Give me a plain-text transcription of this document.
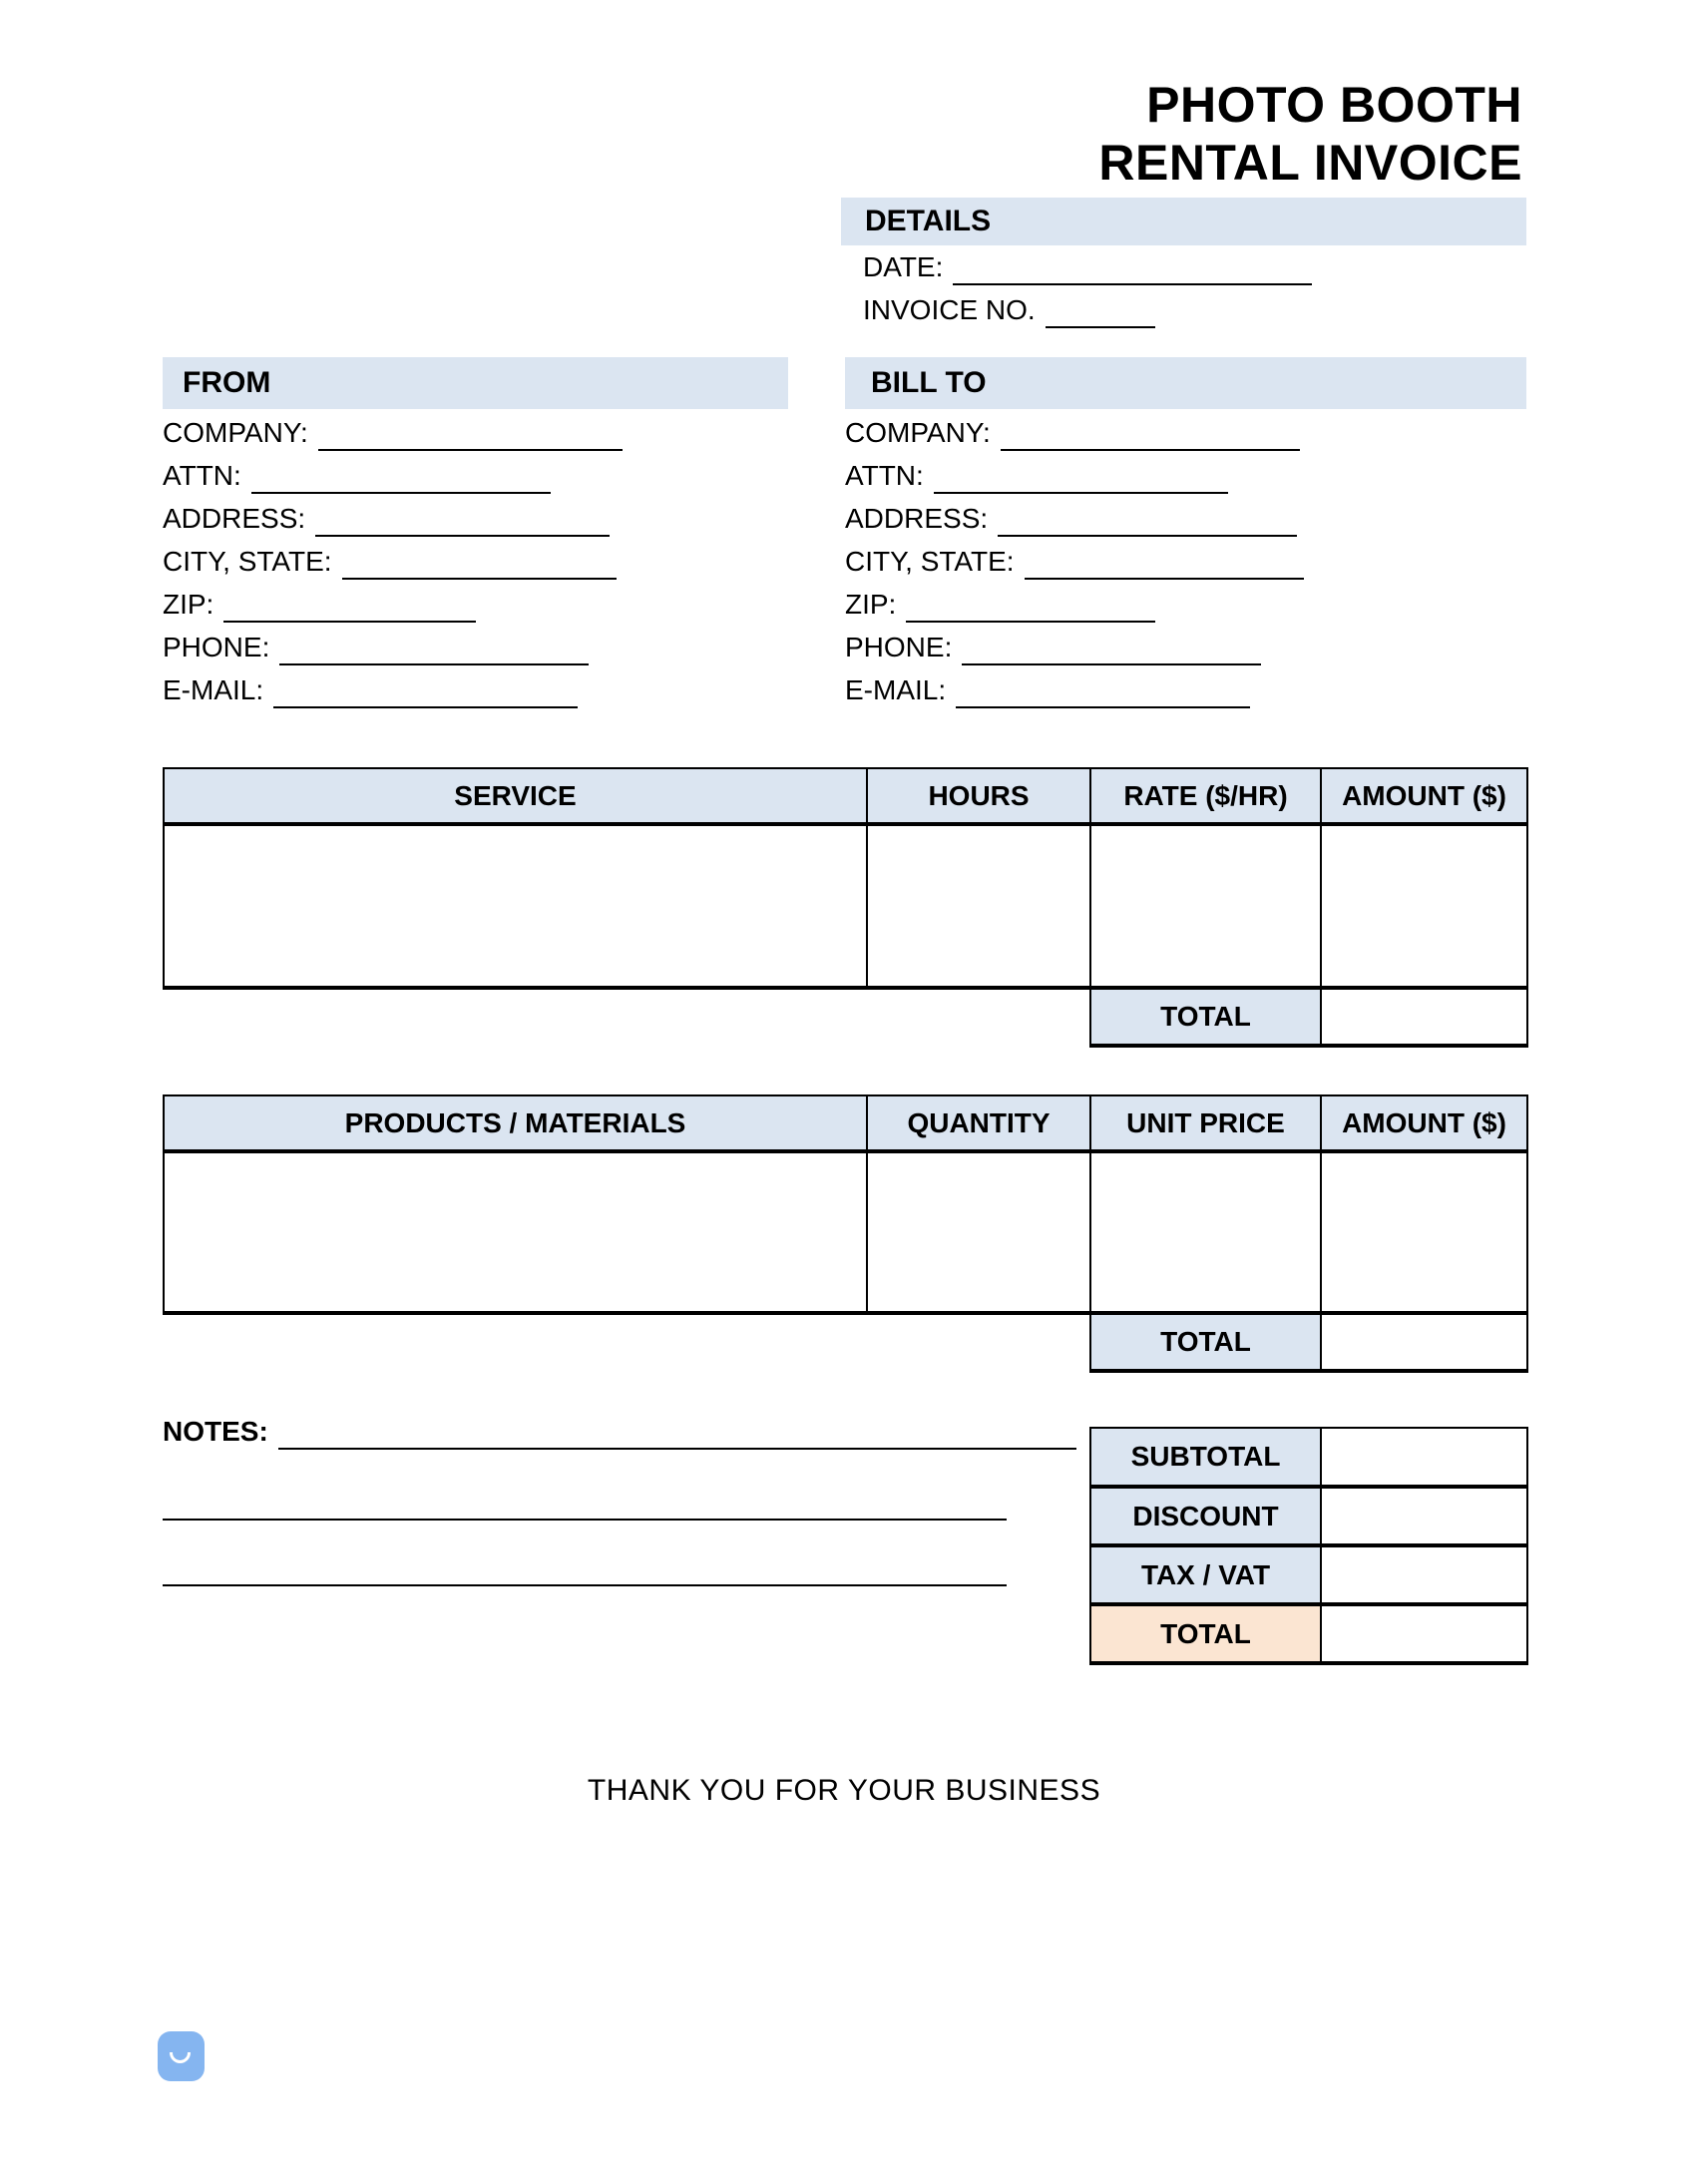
PHOTO BOOTH
RENTAL INVOICE
DETAILS
DATE:
INVOICE NO.
FROM
COMPANY:
ATTN:
ADDRESS:
CITY, STATE:
ZIP:
PHONE:
E-MAIL:
BILL TO
COMPANY:
ATTN:
ADDRESS:
CITY, STATE:
ZIP:
PHONE:
E-MAIL:
SERVICE	HOURS	RATE ($/HR)	AMOUNT ($)

		TOTAL	
PRODUCTS / MATERIALS	QUANTITY	UNIT PRICE	AMOUNT ($)

		TOTAL	
NOTES:
SUBTOTAL	
DISCOUNT	
TAX / VAT	
TOTAL	
THANK YOU FOR YOUR BUSINESS
